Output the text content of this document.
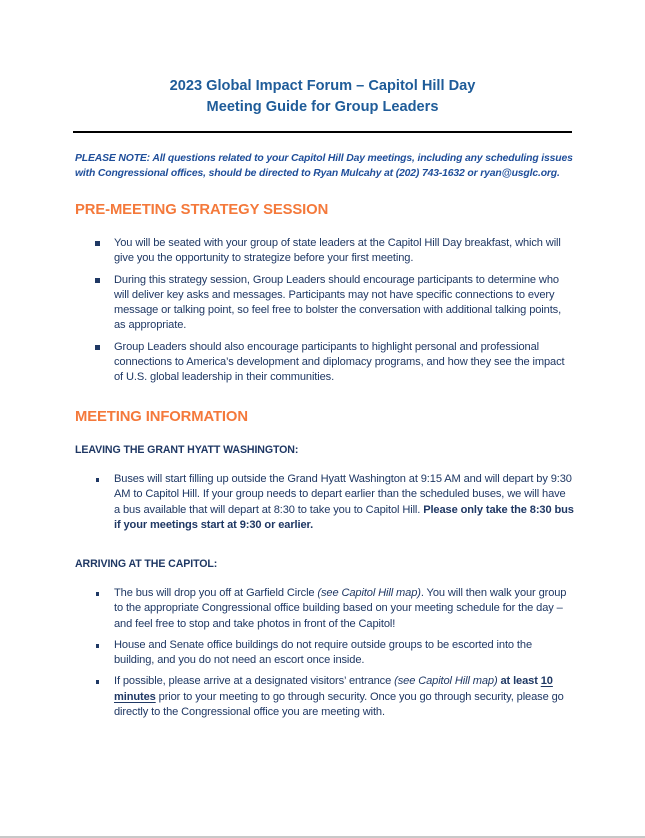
2023 Global Impact Forum – Capitol Hill Day
Meeting Guide for Group Leaders
PLEASE NOTE: All questions related to your Capitol Hill Day meetings, including any scheduling issues with Congressional offices, should be directed to Ryan Mulcahy at (202) 743-1632 or ryan@usglc.org.
PRE-MEETING STRATEGY SESSION
You will be seated with your group of state leaders at the Capitol Hill Day breakfast, which will give you the opportunity to strategize before your first meeting.
During this strategy session, Group Leaders should encourage participants to determine who will deliver key asks and messages. Participants may not have specific connections to every message or talking point, so feel free to bolster the conversation with additional talking points, as appropriate.
Group Leaders should also encourage participants to highlight personal and professional connections to America’s development and diplomacy programs, and how they see the impact of U.S. global leadership in their communities.
MEETING INFORMATION
LEAVING THE GRANT HYATT WASHINGTON:
Buses will start filling up outside the Grand Hyatt Washington at 9:15 AM and will depart by 9:30 AM to Capitol Hill. If your group needs to depart earlier than the scheduled buses, we will have a bus available that will depart at 8:30 to take you to Capitol Hill. Please only take the 8:30 bus if your meetings start at 9:30 or earlier.
ARRIVING AT THE CAPITOL:
The bus will drop you off at Garfield Circle (see Capitol Hill map). You will then walk your group to the appropriate Congressional office building based on your meeting schedule for the day – and feel free to stop and take photos in front of the Capitol!
House and Senate office buildings do not require outside groups to be escorted into the building, and you do not need an escort once inside.
If possible, please arrive at a designated visitors’ entrance (see Capitol Hill map) at least 10 minutes prior to your meeting to go through security. Once you go through security, please go directly to the Congressional office you are meeting with.
